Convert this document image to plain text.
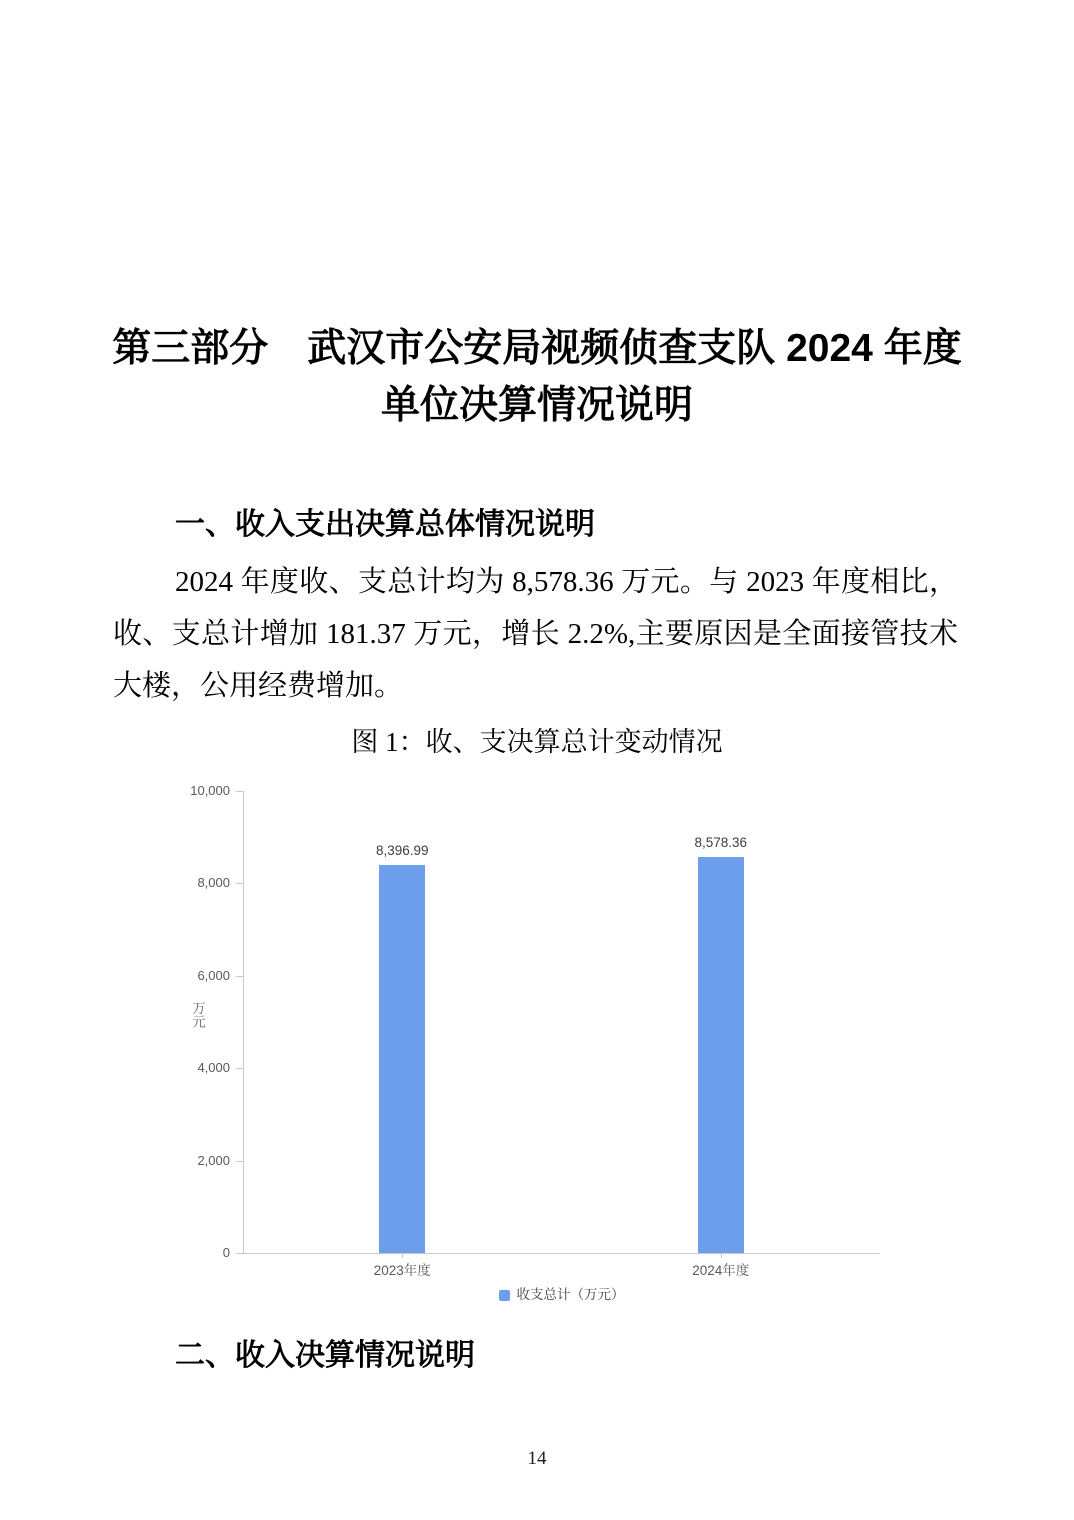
第三部分　武汉市公安局视频侦查支队 2024 年度
单位决算情况说明
一、收入支出决算总体情况说明

2024 年度收、支总计均为 8,578.36 万元。与 2023 年度相比，收、支总计增加 181.37 万元，增长 2.2%,主要原因是全面接管技术大楼，公用经费增加。

图 1：收、支决算总计变动情况
0
2,000
4,000
6,000
8,000
10,000
8,396.99
2023年度
8,578.36
2024年度
万元
收支总计（万元）
二、收入决算情况说明
14
